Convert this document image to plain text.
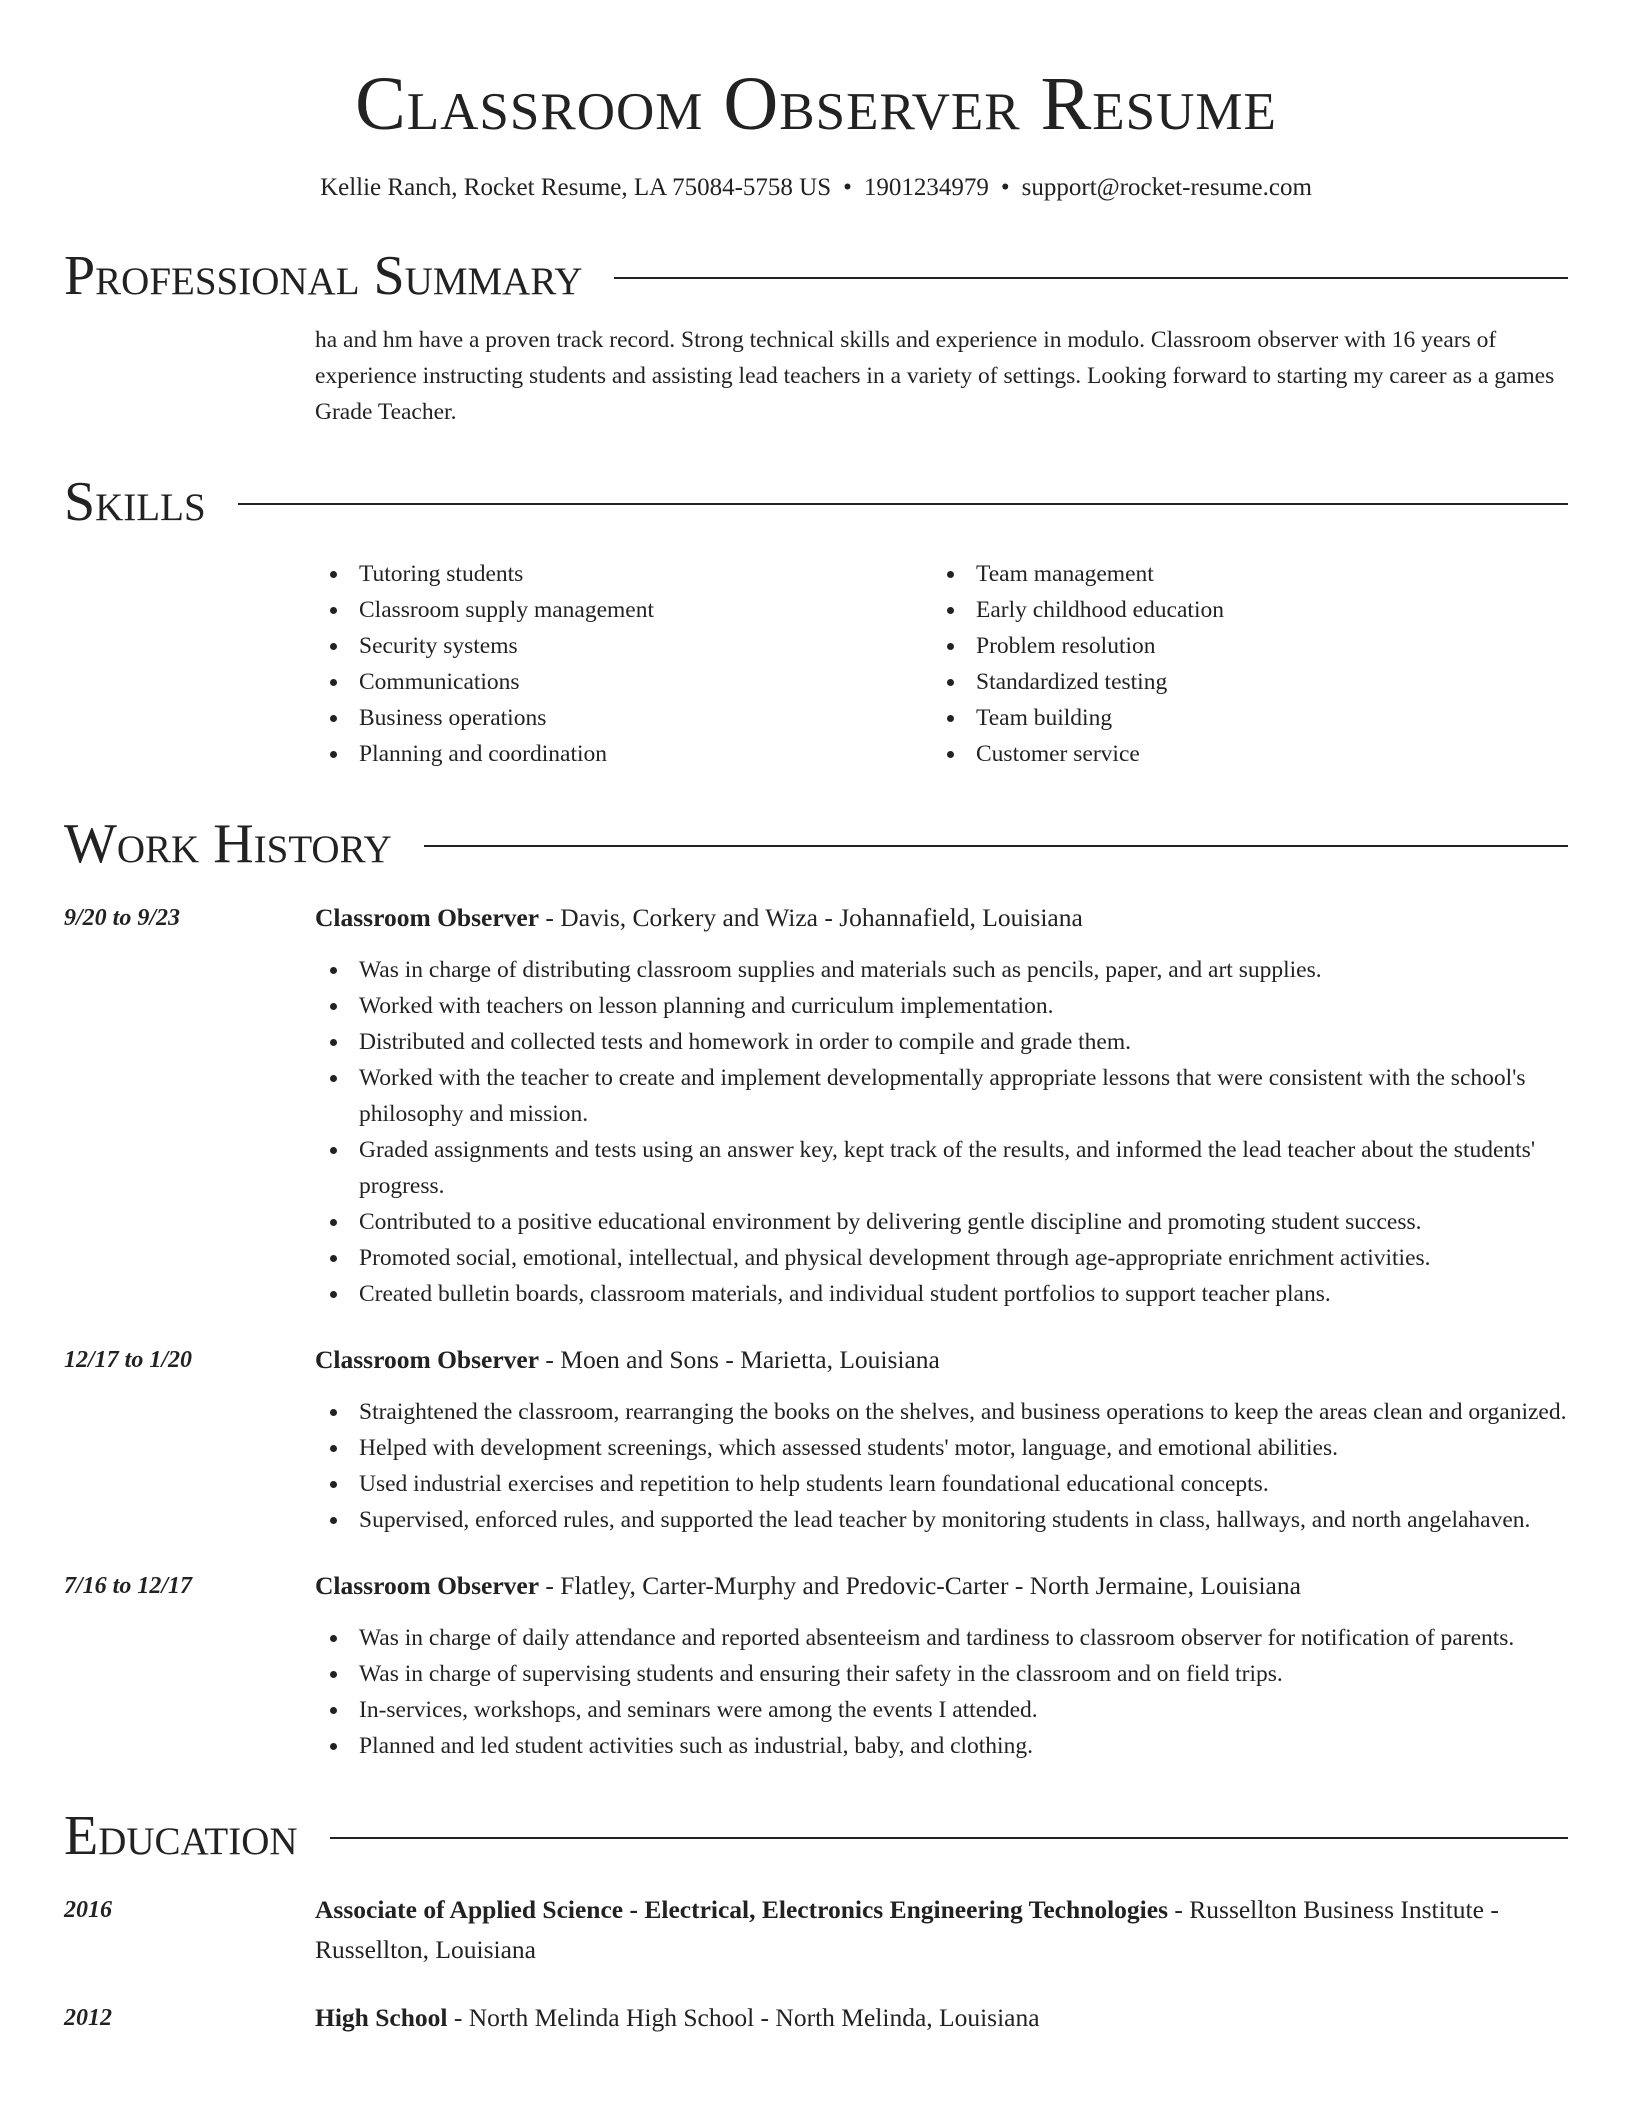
Classroom Observer Resume
Kellie Ranch, Rocket Resume, LA 75084-5758 US • 1901234979 • support@rocket-resume.com
Professional Summary
ha and hm have a proven track record. Strong technical skills and experience in modulo. Classroom observer with 16 years of experience instructing students and assisting lead teachers in a variety of settings. Looking forward to starting my career as a games Grade Teacher.
Skills
Tutoring students
Classroom supply management
Security systems
Communications
Business operations
Planning and coordination
Team management
Early childhood education
Problem resolution
Standardized testing
Team building
Customer service
Work History
9/20 to 9/23	Classroom Observer - Davis, Corkery and Wiza - Johannafield, Louisiana
Was in charge of distributing classroom supplies and materials such as pencils, paper, and art supplies.
Worked with teachers on lesson planning and curriculum implementation.
Distributed and collected tests and homework in order to compile and grade them.
Worked with the teacher to create and implement developmentally appropriate lessons that were consistent with the school's philosophy and mission.
Graded assignments and tests using an answer key, kept track of the results, and informed the lead teacher about the students' progress.
Contributed to a positive educational environment by delivering gentle discipline and promoting student success.
Promoted social, emotional, intellectual, and physical development through age-appropriate enrichment activities.
Created bulletin boards, classroom materials, and individual student portfolios to support teacher plans.
12/17 to 1/20	Classroom Observer - Moen and Sons - Marietta, Louisiana
Straightened the classroom, rearranging the books on the shelves, and business operations to keep the areas clean and organized.
Helped with development screenings, which assessed students' motor, language, and emotional abilities.
Used industrial exercises and repetition to help students learn foundational educational concepts.
Supervised, enforced rules, and supported the lead teacher by monitoring students in class, hallways, and north angelahaven.
7/16 to 12/17	Classroom Observer - Flatley, Carter-Murphy and Predovic-Carter - North Jermaine, Louisiana
Was in charge of daily attendance and reported absenteeism and tardiness to classroom observer for notification of parents.
Was in charge of supervising students and ensuring their safety in the classroom and on field trips.
In-services, workshops, and seminars were among the events I attended.
Planned and led student activities such as industrial, baby, and clothing.
Education
2016	Associate of Applied Science - Electrical, Electronics Engineering Technologies - Russellton Business Institute - Russellton, Louisiana
2012	High School - North Melinda High School - North Melinda, Louisiana
